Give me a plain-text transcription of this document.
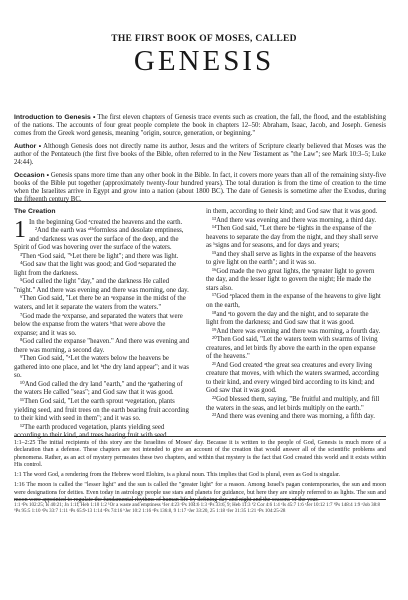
THE FIRST BOOK OF MOSES, CALLED
GENESIS

Introduction to Genesis • The first eleven chapters of Genesis trace events such as creation, the fall, the flood, and the establishing of the nations. The accounts of four great people complete the book in chapters 12–50: Abraham, Isaac, Jacob, and Joseph. Genesis comes from the Greek word genesis, meaning "origin, source, generation, or beginning."

Author • Although Genesis does not directly name its author, Jesus and the writers of Scripture clearly believed that Moses was the author of the Pentateuch (the first five books of the Bible, often referred to in the New Testament as "the Law"; see Mark 10:3–5; Luke 24:44).

Occasion • Genesis spans more time than any other book in the Bible. In fact, it covers more years than all of the remaining sixty-five books of the Bible put together (approximately twenty-four hundred years). The total duration is from the time of creation to the time when the Israelites arrive in Egypt and grow into a nation (about 1800 BC). The date of Genesis is sometime after the Exodus, during the fifteenth century BC.

The Creation

1 In the beginning God ᵃcreated the heavens and the earth.

²And the earth was ᵃ¹ᵇformless and desolate emptiness, and ᶜdarkness was over the surface of the deep, and the Spirit of God was hovering over the surface of the waters.

³Then ᵃGod said, "ᵇLet there be light"; and there was light.

⁴God saw that the light was good; and God ᵃseparated the light from the darkness.

⁵God called the light "day," and the darkness He called "night." And there was evening and there was morning, one day.

⁶Then God said, "Let there be an ᵃexpanse in the midst of the waters, and let it separate the waters from the waters."

⁷God made the ᵃexpanse, and separated the waters that were below the expanse from the waters ᵇthat were above the expanse; and it was so.

⁸God called the expanse "heaven." And there was evening and there was morning, a second day.

⁹Then God said, "ᵃLet the waters below the heavens be gathered into one place, and let ᵇthe dry land appear"; and it was so.

¹⁰And God called the dry land "earth," and the ᵃgathering of the waters He called "seas"; and God saw that it was good.

¹¹Then God said, "Let the earth sprout ᵃvegetation, plants yielding seed, and fruit trees on the earth bearing fruit according to their kind with seed in them"; and it was so.

¹²The earth produced vegetation, plants yielding seed according to their kind, and trees bearing fruit with seed

in them, according to their kind; and God saw that it was good.

¹³And there was evening and there was morning, a third day.

¹⁴Then God said, "Let there be ᵃlights in the expanse of the heavens to separate the day from the night, and they shall serve as ᵇsigns and for seasons, and for days and years;

¹⁵and they shall serve as lights in the expanse of the heavens to give light on the earth"; and it was so.

¹⁶God made the two great lights, the ᵃgreater light to govern the day, and the lesser light to govern the night; He made the stars also.

¹⁷God ᵃplaced them in the expanse of the heavens to give light on the earth,

¹⁸and ᵃto govern the day and the night, and to separate the light from the darkness; and God saw that it was good.

¹⁹And there was evening and there was morning, a fourth day.

²⁰Then God said, "Let the waters teem with swarms of living creatures, and let birds fly above the earth in the open expanse of the heavens."

²¹And God created ᵃthe great sea creatures and every living creature that moves, with which the waters swarmed, according to their kind, and every winged bird according to its kind; and God saw that it was good.

²²God blessed them, saying, "Be fruitful and multiply, and fill the waters in the seas, and let birds multiply on the earth."

²³And there was evening and there was morning, a fifth day.

1:1–2:25 The initial recipients of this story are the Israelites of Moses' day. Because it is written to the people of God, Genesis is much more of a declaration than a defense. These chapters are not intended to give an account of the creation that would answer all of the scientific problems and phenomena. Rather, as an act of mystery permeates these two chapters, and within that mystery is the fact that God created this world and it exists within His control.

1:1 The word God, a rendering from the Hebrew word Elohim, is a plural noun. This implies that God is plural, even as God is singular.

1:16 The moon is called the "lesser light" and the sun is called the "greater light" for a reason. Among Israel's pagan contemporaries, the sun and moon were designations for deities. Even today in astrology people use stars and planets for guidance, but here they are simply referred to as lights. The sun and moon were appointed to regulate the fundamental rhythms of human life by defining day and night and the seasons of the year.

1:1 ᵃPs 102:25; Is 40:21; Jn 1:1f; Heb 1:10 1:2 ¹Or a waste and emptiness ᵇJer 4:23 ᶜPs 104:6 1:3 ᵃPs 33:6, 9; Heb 11:3 ᵇ2 Cor 4:6 1:4 ᵃIs 45:7 1:6 ᵃJer 10:12 1:7 ᵇPs 148:4 1:9 ᵃJob 38:8 ᵇPs 95:5 1:10 ᵃPs 33:7 1:11 ᵃPs 65:9-13 1:14 ᵃPs 74:16 ᵇJer 10:2 1:16 ᵃPs 136:8, 9 1:17 ᵃJer 33:20, 25 1:18 ᵃJer 31:35 1:21 ᵃPs 104:25-28
